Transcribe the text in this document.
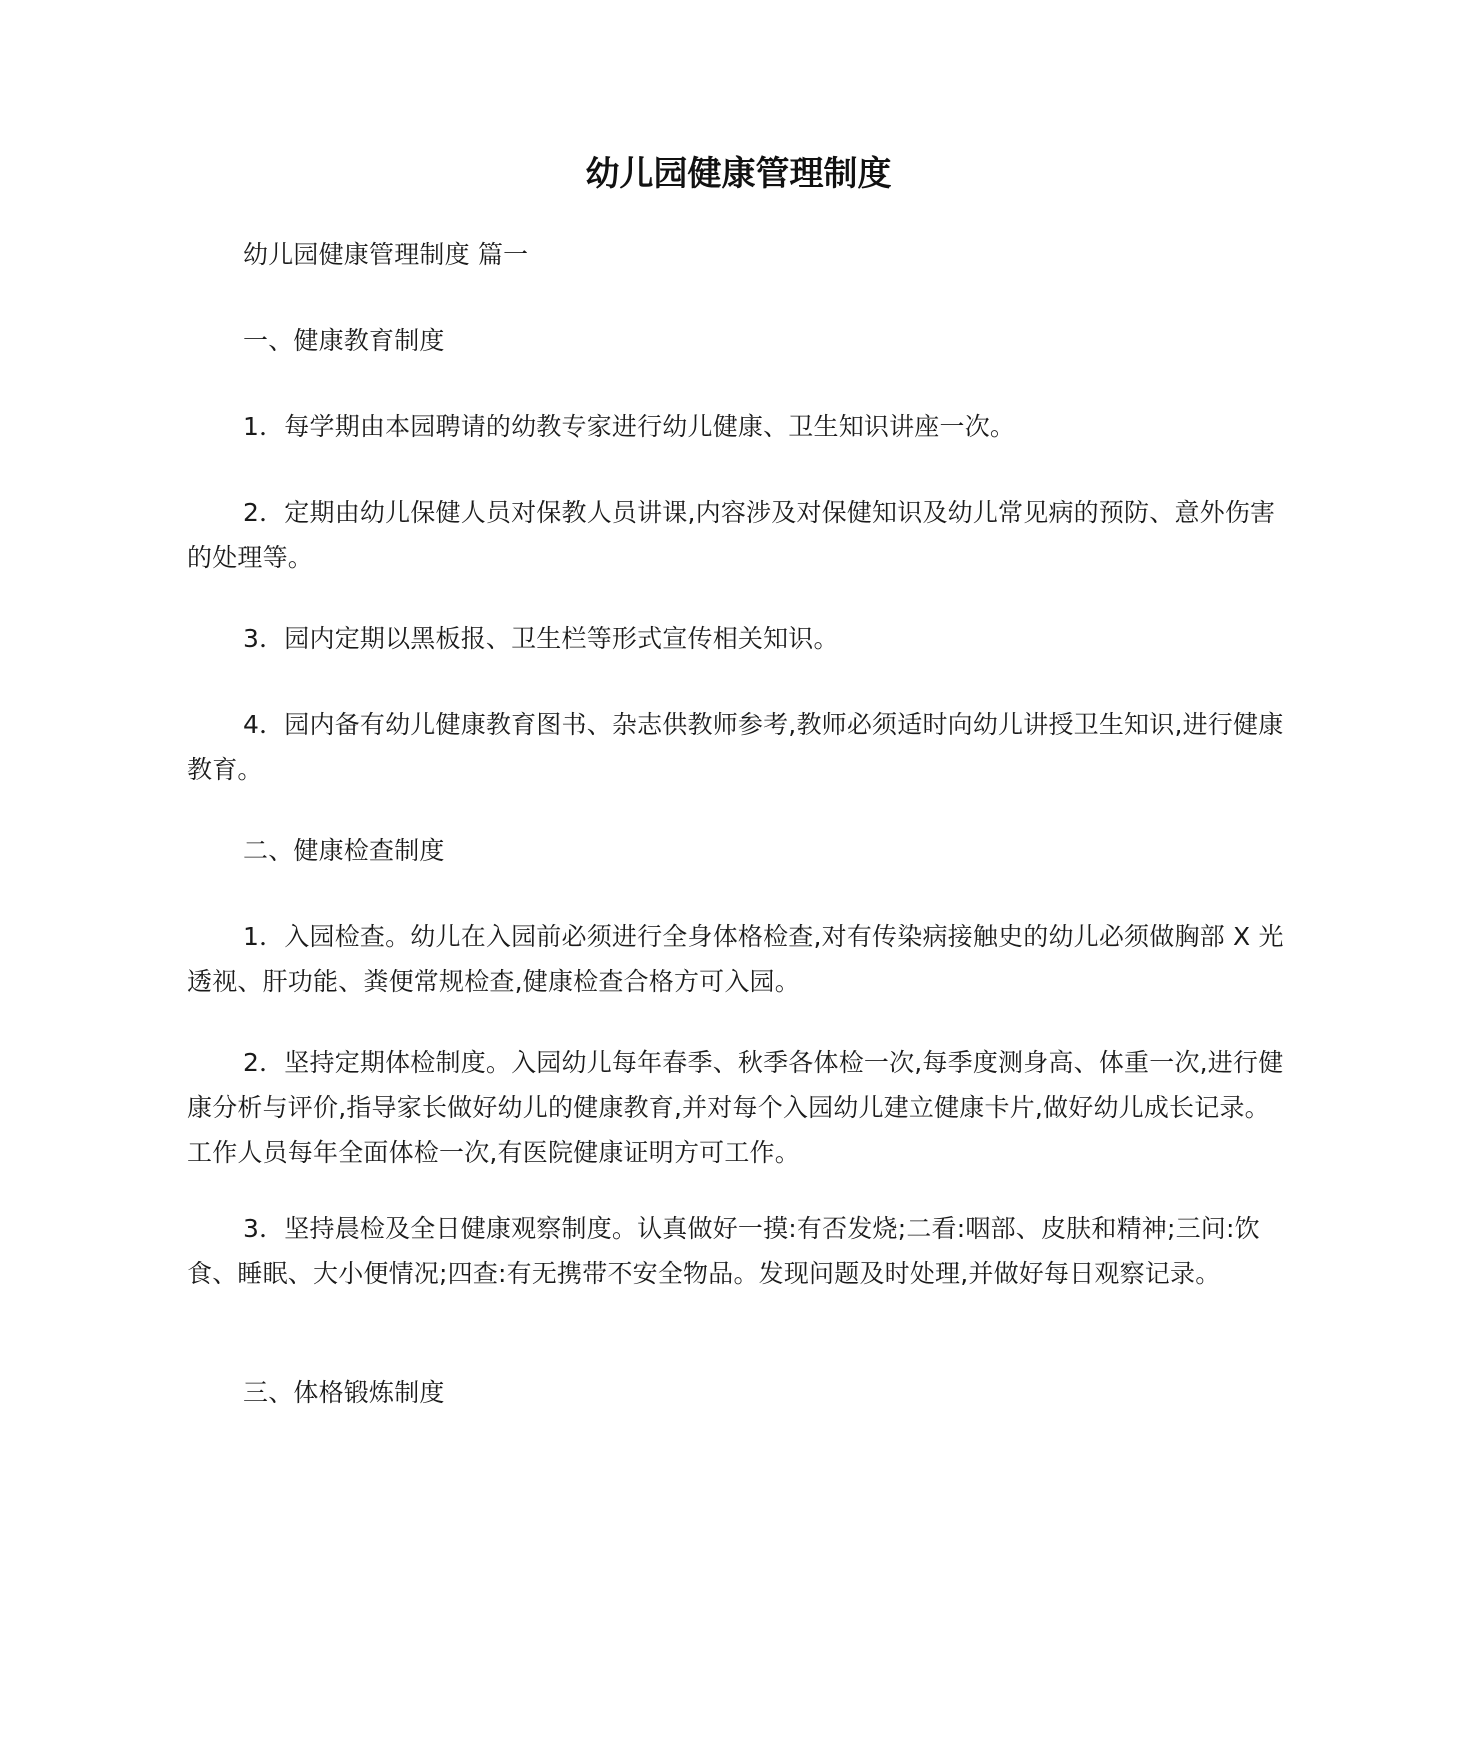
幼儿园健康管理制度

幼儿园健康管理制度 篇一

一、健康教育制度

1．每学期由本园聘请的幼教专家进行幼儿健康、卫生知识讲座一次。

2．定期由幼儿保健人员对保教人员讲课,内容涉及对保健知识及幼儿常见病的预防、意外伤害的处理等。

3．园内定期以黑板报、卫生栏等形式宣传相关知识。

4．园内备有幼儿健康教育图书、杂志供教师参考,教师必须适时向幼儿讲授卫生知识,进行健康教育。

二、健康检查制度

1．入园检查。幼儿在入园前必须进行全身体格检查,对有传染病接触史的幼儿必须做胸部 X 光透视、肝功能、粪便常规检查,健康检查合格方可入园。

2．坚持定期体检制度。入园幼儿每年春季、秋季各体检一次,每季度测身高、体重一次,进行健康分析与评价,指导家长做好幼儿的健康教育,并对每个入园幼儿建立健康卡片,做好幼儿成长记录。工作人员每年全面体检一次,有医院健康证明方可工作。

3．坚持晨检及全日健康观察制度。认真做好一摸:有否发烧;二看:咽部、皮肤和精神;三问:饮食、睡眠、大小便情况;四查:有无携带不安全物品。发现问题及时处理,并做好每日观察记录。

三、体格锻炼制度
